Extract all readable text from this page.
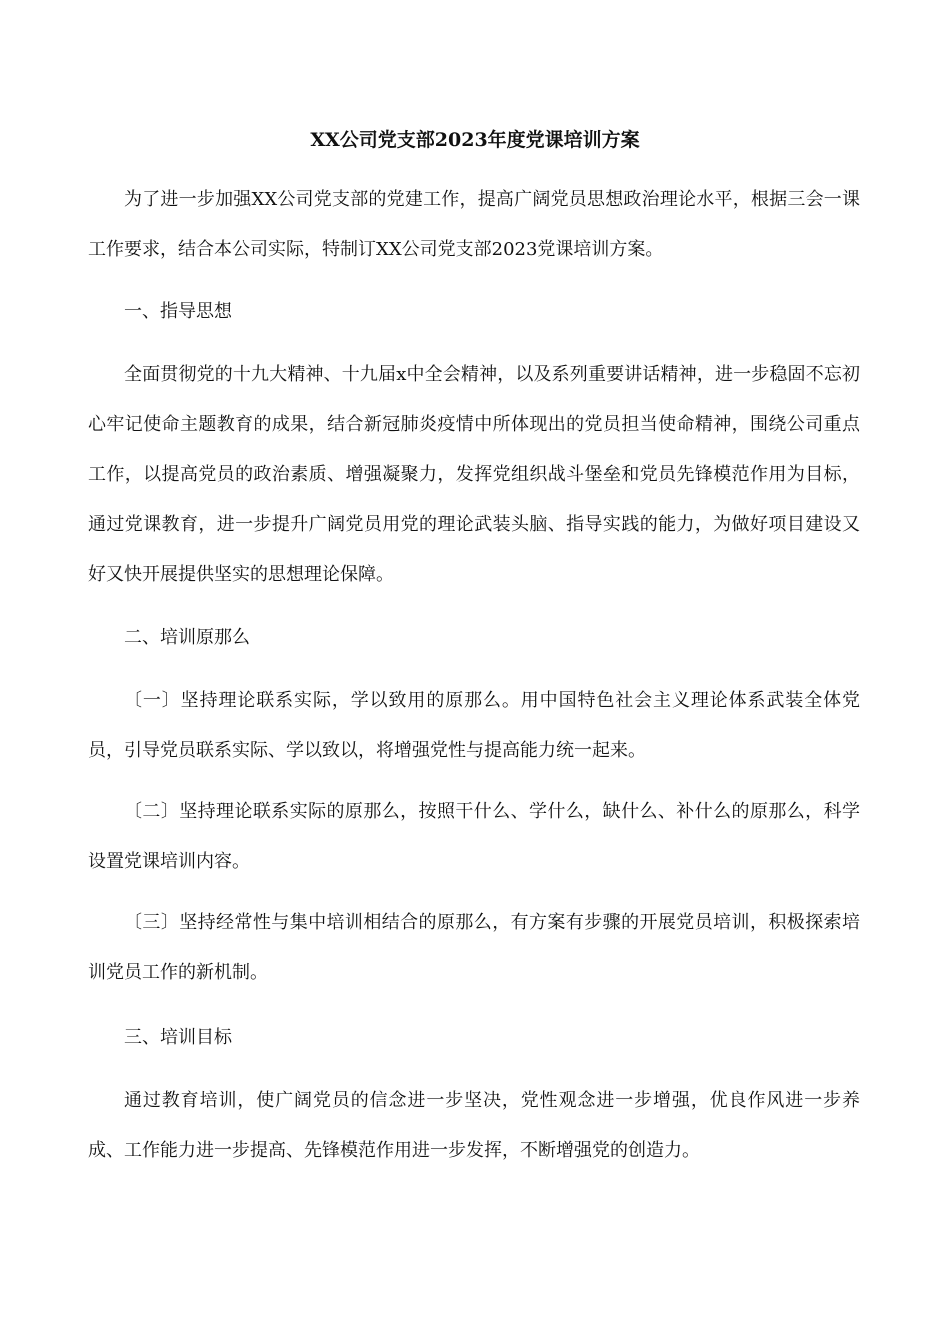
XX公司党支部2023年度党课培训方案

为了进一步加强XX公司党支部的党建工作，提高广阔党员思想政治理论水平，根据三会一课工作要求，结合本公司实际，特制订XX公司党支部2023党课培训方案。

一、指导思想

全面贯彻党的十九大精神、十九届x中全会精神，以及系列重要讲话精神，进一步稳固不忘初心牢记使命主题教育的成果，结合新冠肺炎疫情中所体现出的党员担当使命精神，围绕公司重点工作，以提高党员的政治素质、增强凝聚力，发挥党组织战斗堡垒和党员先锋模范作用为目标，通过党课教育，进一步提升广阔党员用党的理论武装头脑、指导实践的能力，为做好项目建设又好又快开展提供坚实的思想理论保障。

二、培训原那么

〔一〕坚持理论联系实际，学以致用的原那么。用中国特色社会主义理论体系武装全体党员，引导党员联系实际、学以致以，将增强党性与提高能力统一起来。

〔二〕坚持理论联系实际的原那么，按照干什么、学什么，缺什么、补什么的原那么，科学设置党课培训内容。

〔三〕坚持经常性与集中培训相结合的原那么，有方案有步骤的开展党员培训，积极探索培训党员工作的新机制。

三、培训目标

通过教育培训，使广阔党员的信念进一步坚决，党性观念进一步增强，优良作风进一步养成、工作能力进一步提高、先锋模范作用进一步发挥，不断增强党的创造力。
